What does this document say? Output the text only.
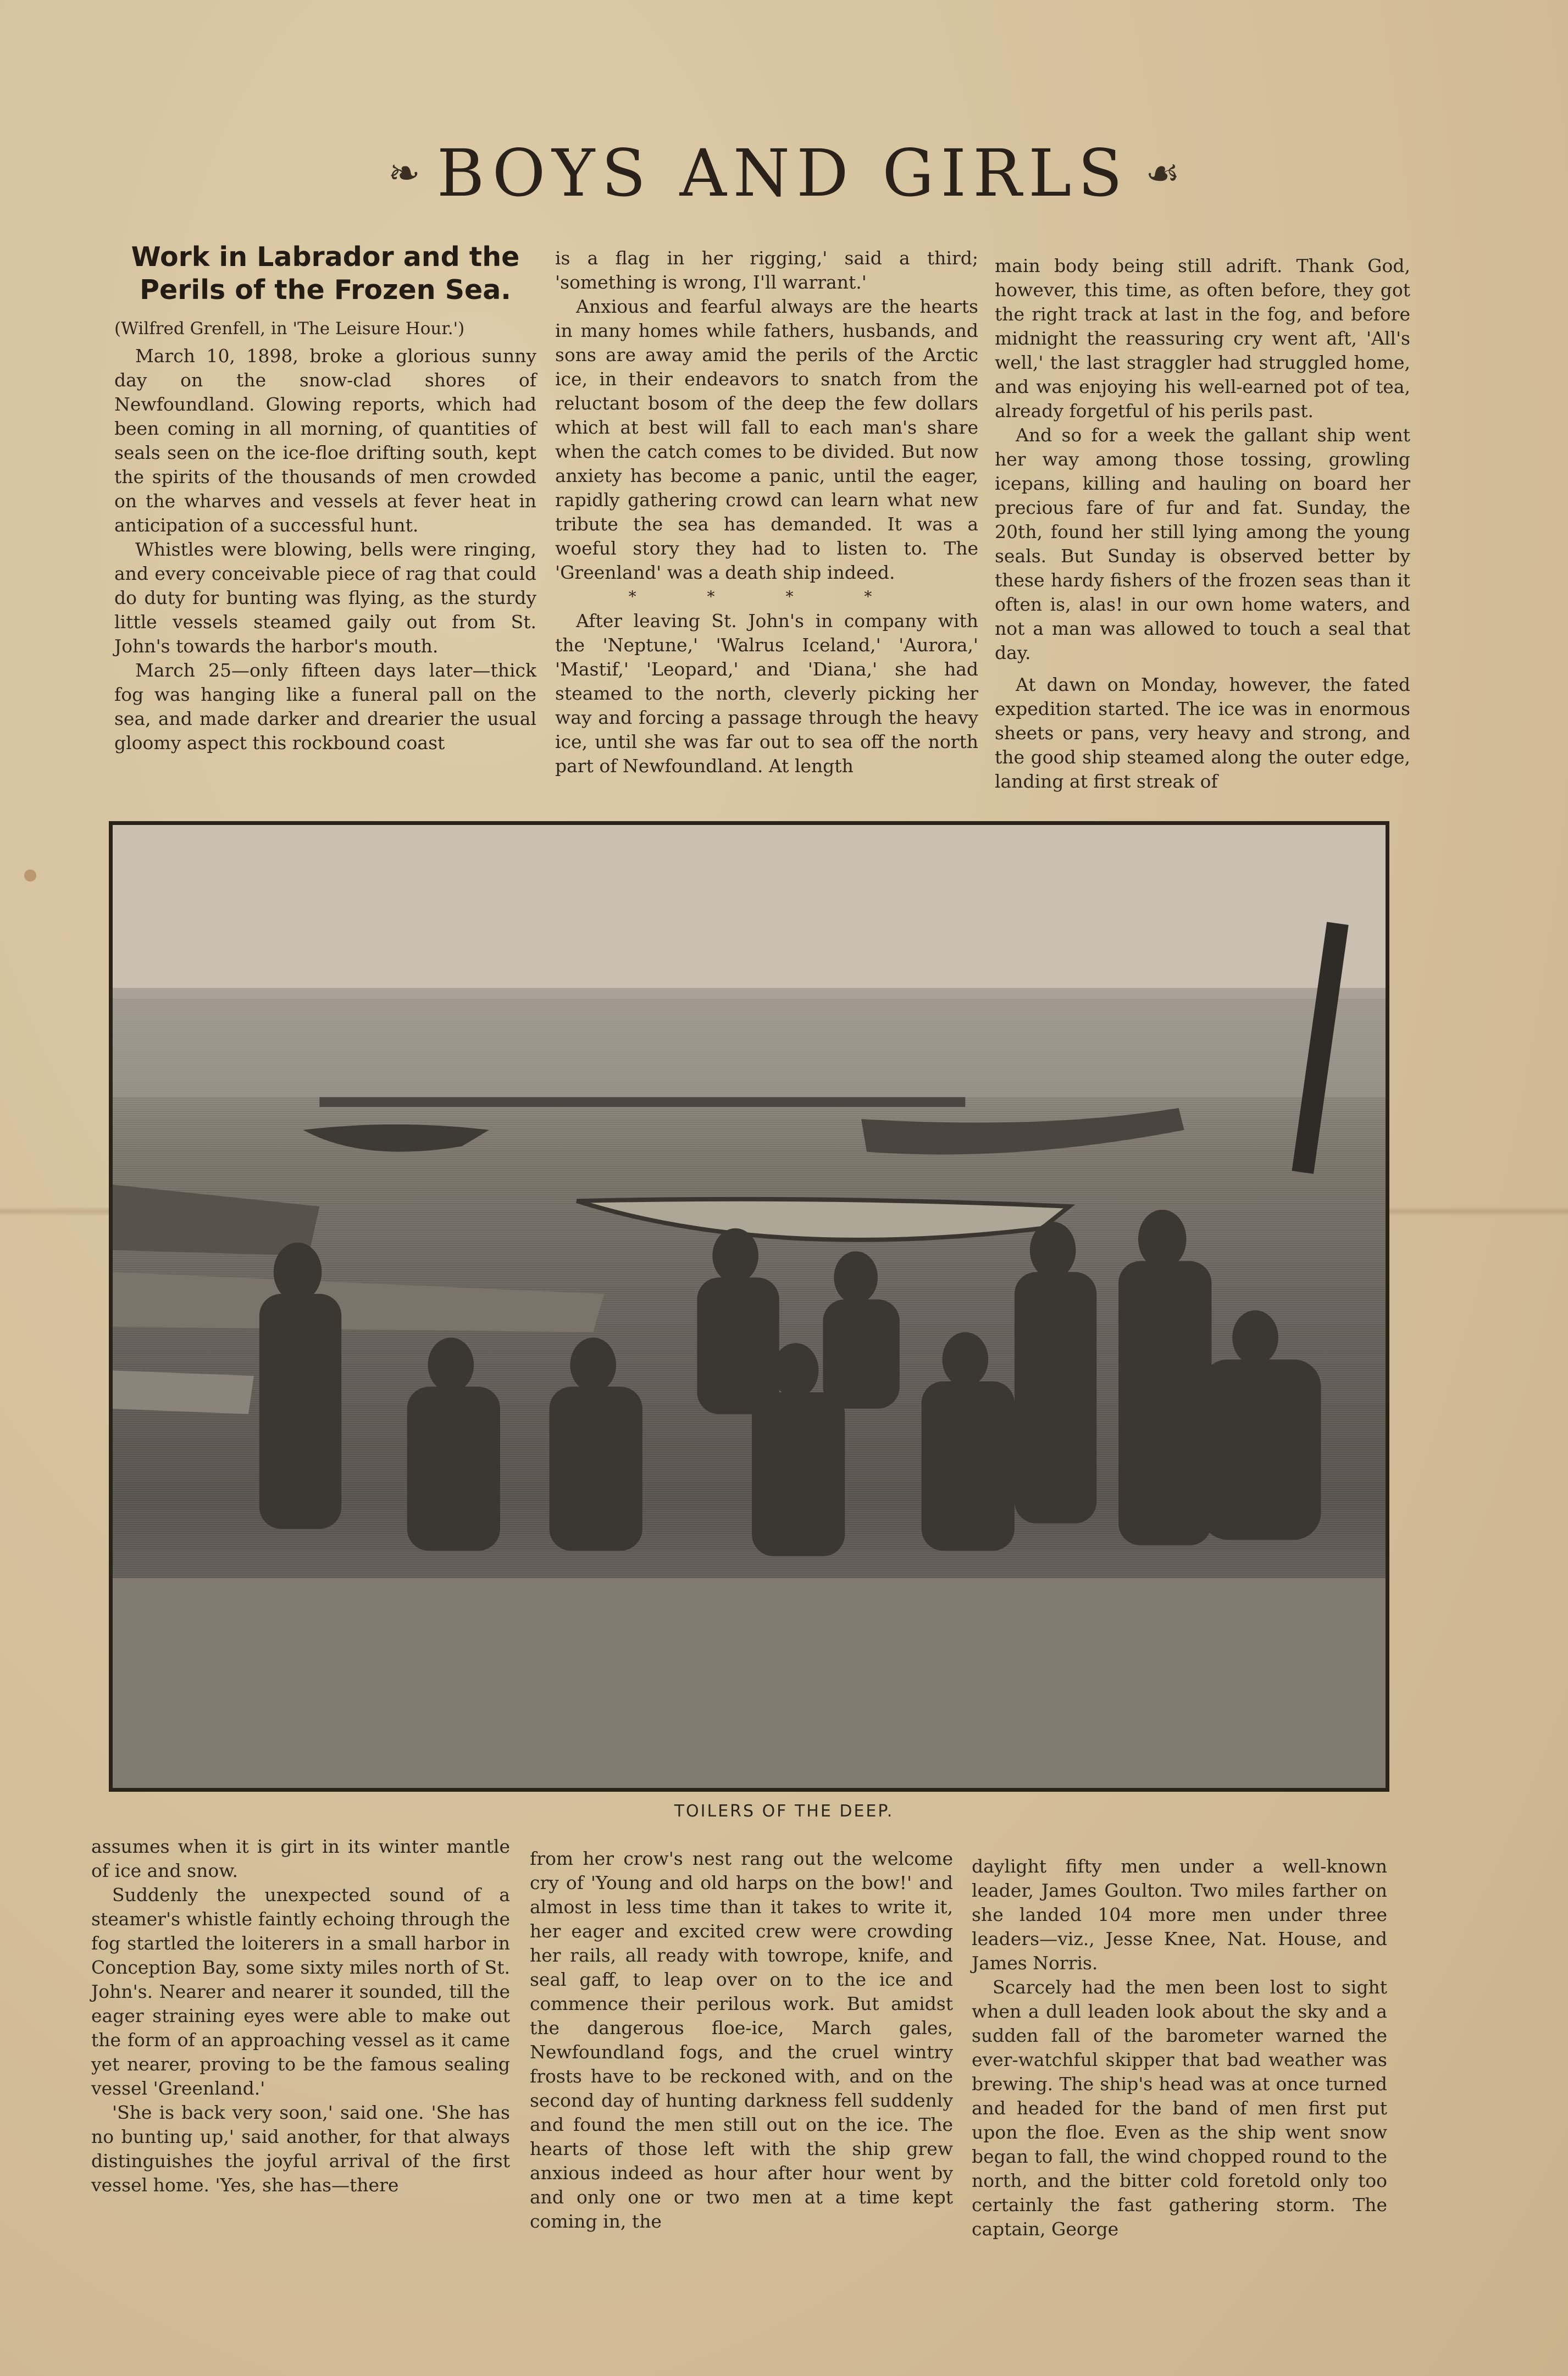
❧ BOYS AND GIRLS ☙
Work in Labrador and the Perils of the Frozen Sea.

(Wilfred Grenfell, in 'The Leisure Hour.')

March 10, 1898, broke a glorious sunny day on the snow-clad shores of Newfoundland. Glowing reports, which had been coming in all morning, of quantities of seals seen on the ice-floe drifting south, kept the spirits of the thousands of men crowded on the wharves and vessels at fever heat in anticipation of a successful hunt.

Whistles were blowing, bells were ringing, and every conceivable piece of rag that could do duty for bunting was flying, as the sturdy little vessels steamed gaily out from St. John's towards the harbor's mouth.

March 25—only fifteen days later—thick fog was hanging like a funeral pall on the sea, and made darker and drearier the usual gloomy aspect this rockbound coast

is a flag in her rigging,' said a third; 'something is wrong, I'll warrant.'

Anxious and fearful always are the hearts in many homes while fathers, husbands, and sons are away amid the perils of the Arctic ice, in their endeavors to snatch from the reluctant bosom of the deep the few dollars which at best will fall to each man's share when the catch comes to be divided. But now anxiety has become a panic, until the eager, rapidly gathering crowd can learn what new tribute the sea has demanded. It was a woeful story they had to listen to. The 'Greenland' was a death ship indeed.

* * * *

After leaving St. John's in company with the 'Neptune,' 'Walrus Iceland,' 'Aurora,' 'Mastif,' 'Leopard,' and 'Diana,' she had steamed to the north, cleverly picking her way and forcing a passage through the heavy ice, until she was far out to sea off the north part of Newfoundland. At length

main body being still adrift. Thank God, however, this time, as often before, they got the right track at last in the fog, and before midnight the reassuring cry went aft, 'All's well,' the last straggler had struggled home, and was enjoying his well-earned pot of tea, already forgetful of his perils past.

And so for a week the gallant ship went her way among those tossing, growling icepans, killing and hauling on board her precious fare of fur and fat. Sunday, the 20th, found her still lying among the young seals. But Sunday is observed better by these hardy fishers of the frozen seas than it often is, alas! in our own home waters, and not a man was allowed to touch a seal that day.

At dawn on Monday, however, the fated expedition started. The ice was in enormous sheets or pans, very heavy and strong, and the good ship steamed along the outer edge, landing at first streak of

TOILERS OF THE DEEP.

assumes when it is girt in its winter mantle of ice and snow.

Suddenly the unexpected sound of a steamer's whistle faintly echoing through the fog startled the loiterers in a small harbor in Conception Bay, some sixty miles north of St. John's. Nearer and nearer it sounded, till the eager straining eyes were able to make out the form of an approaching vessel as it came yet nearer, proving to be the famous sealing vessel 'Greenland.'

'She is back very soon,' said one. 'She has no bunting up,' said another, for that always distinguishes the joyful arrival of the first vessel home. 'Yes, she has—there

from her crow's nest rang out the welcome cry of 'Young and old harps on the bow!' and almost in less time than it takes to write it, her eager and excited crew were crowding her rails, all ready with towrope, knife, and seal gaff, to leap over on to the ice and commence their perilous work. But amidst the dangerous floe-ice, March gales, Newfoundland fogs, and the cruel wintry frosts have to be reckoned with, and on the second day of hunting darkness fell suddenly and found the men still out on the ice. The hearts of those left with the ship grew anxious indeed as hour after hour went by and only one or two men at a time kept coming in, the

daylight fifty men under a well-known leader, James Goulton. Two miles farther on she landed 104 more men under three leaders—viz., Jesse Knee, Nat. House, and James Norris.

Scarcely had the men been lost to sight when a dull leaden look about the sky and a sudden fall of the barometer warned the ever-watchful skipper that bad weather was brewing. The ship's head was at once turned and headed for the band of men first put upon the floe. Even as the ship went snow began to fall, the wind chopped round to the north, and the bitter cold foretold only too certainly the fast gathering storm. The captain, George
